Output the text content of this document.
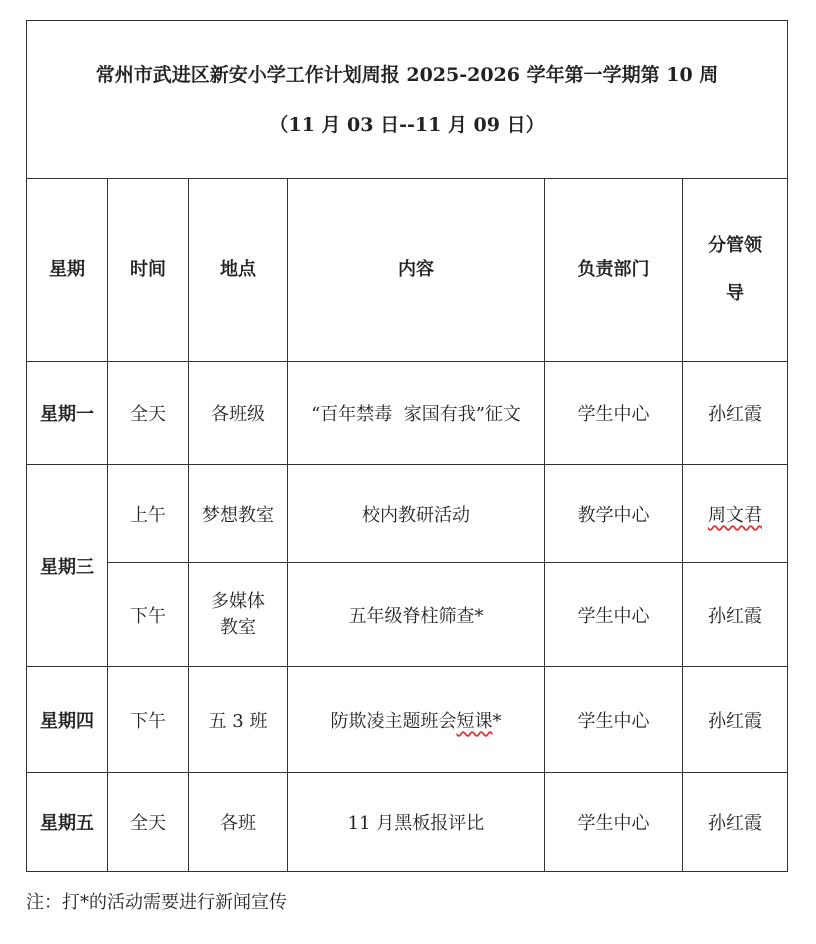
常州市武进区新安小学工作计划周报 2025-2026 学年第一学期第 10 周
（11 月 03 日--11 月 09 日）					

星期	时间	地点	内容	负责部门	分管领
导

星期一	全天	各班级	“百年禁毒  家国有我”征文	学生中心	孙红霞
星期三	上午	梦想教室	校内教研活动	教学中心	周文君
	下午	多媒体
教室	五年级脊柱筛查*	学生中心	孙红霞
星期四	下午	五 3 班	防欺凌主题班会短课*	学生中心	孙红霞
星期五	全天	各班	11 月黑板报评比	学生中心	孙红霞
注：打*的活动需要进行新闻宣传
